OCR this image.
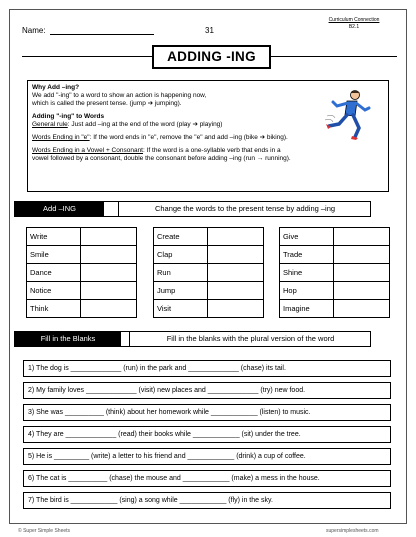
Name:	31
Curriculum Connection
B2.1
ADDING -ING
Why Add –ing?
We add "-ing" to a word to show an action is happening now,
which is called the present tense. (jump ➔ jumping).
Adding "-ing" to Words
General rule: Just add –ing at the end of the word (play ➔ playing)
Words Ending in "e": If the word ends in "e", remove the "e" and add –ing (bike ➔ biking).
Words Ending in a Vowel + Consonant: If the word is a one-syllable verb that ends in a
vowel followed by a consonant, double the consonant before adding –ing (run → running).
Add –ING	Change the words to the present tense by adding –ing
Write	
Smile	
Dance	
Notice	
Think	
Create	
Clap	
Run	
Jump	
Visit	
Give	
Trade	
Shine	
Hop	
Imagine	
Fill in the Blanks	Fill in the blanks with the plural version of the word
1) The dog is _____________ (run) in the park and _____________ (chase) its tail.
2) My family loves _____________ (visit) new places and _____________ (try) new food.
3) She was __________ (think) about her homework while ____________ (listen) to music.
4) They are _____________ (read) their books while ____________ (sit) under the tree.
5) He is _________ (write) a letter to his friend and ____________ (drink) a cup of coffee.
6) The cat is __________ (chase) the mouse and ____________ (make) a mess in the house.
7) The bird is ____________ (sing) a song while ____________ (fly) in the sky.
© Super Simple Sheets	supersimplesheets.com
